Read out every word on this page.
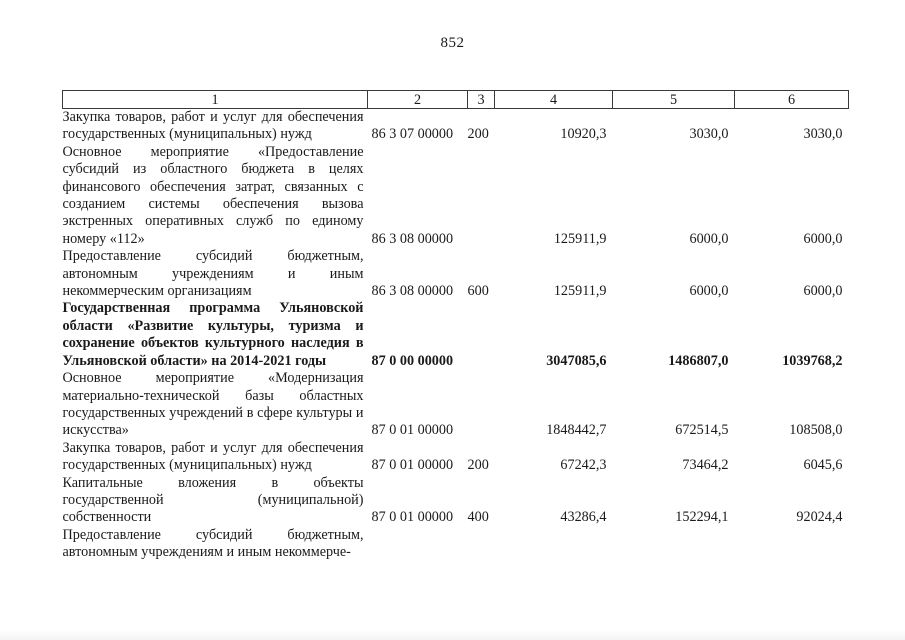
852
1	2	3	4	5	6
Закупка товаров, работ и услуг для обеспечения государственных (муниципальных) нужд	86 3 07 00000	200	10920,3	3030,0	3030,0
Основное мероприятие «Предоставление субсидий из областного бюджета в целях финансового обеспечения затрат, связанных с созданием системы обеспечения вызова экстренных оперативных служб по единому номеру «112»	86 3 08 00000		125911,9	6000,0	6000,0
Предоставление субсидий бюджетным, автономным учреждениям и иным некоммерческим организациям	86 3 08 00000	600	125911,9	6000,0	6000,0
Государственная программа Ульяновской области «Развитие культуры, туризма и сохранение объектов культурного наследия в Ульяновской области» на 2014-2021 годы	87 0 00 00000		3047085,6	1486807,0	1039768,2
Основное мероприятие «Модернизация материально-технической базы областных государственных учреждений в сфере культуры и искусства»	87 0 01 00000		1848442,7	672514,5	108508,0
Закупка товаров, работ и услуг для обеспечения государственных (муниципальных) нужд	87 0 01 00000	200	67242,3	73464,2	6045,6
Капитальные вложения в объекты государственной (муниципальной) собственности	87 0 01 00000	400	43286,4	152294,1	92024,4
Предоставление субсидий бюджетным, автономным учреждениям и иным некоммерче-					
